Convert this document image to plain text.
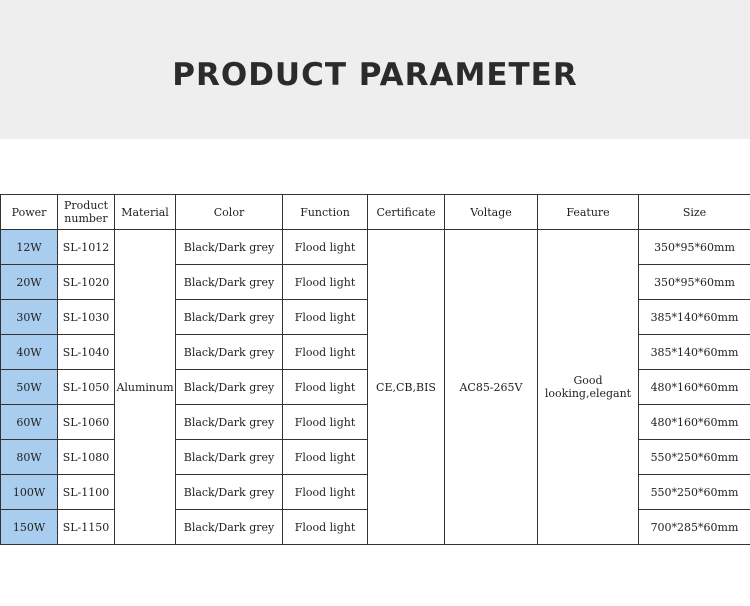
PRODUCT PARAMETER
Power	Product number	Material	Color	Function	Certificate	Voltage	Feature	Size
12W	SL-1012	Aluminum	Black/Dark grey	Flood light	CE,CB,BIS	AC85-265V	Good looking,elegant	350*95*60mm
20W	SL-1020		Black/Dark grey	Flood light				350*95*60mm
30W	SL-1030		Black/Dark grey	Flood light				385*140*60mm
40W	SL-1040		Black/Dark grey	Flood light				385*140*60mm
50W	SL-1050		Black/Dark grey	Flood light				480*160*60mm
60W	SL-1060		Black/Dark grey	Flood light				480*160*60mm
80W	SL-1080		Black/Dark grey	Flood light				550*250*60mm
100W	SL-1100		Black/Dark grey	Flood light				550*250*60mm
150W	SL-1150		Black/Dark grey	Flood light				700*285*60mm
